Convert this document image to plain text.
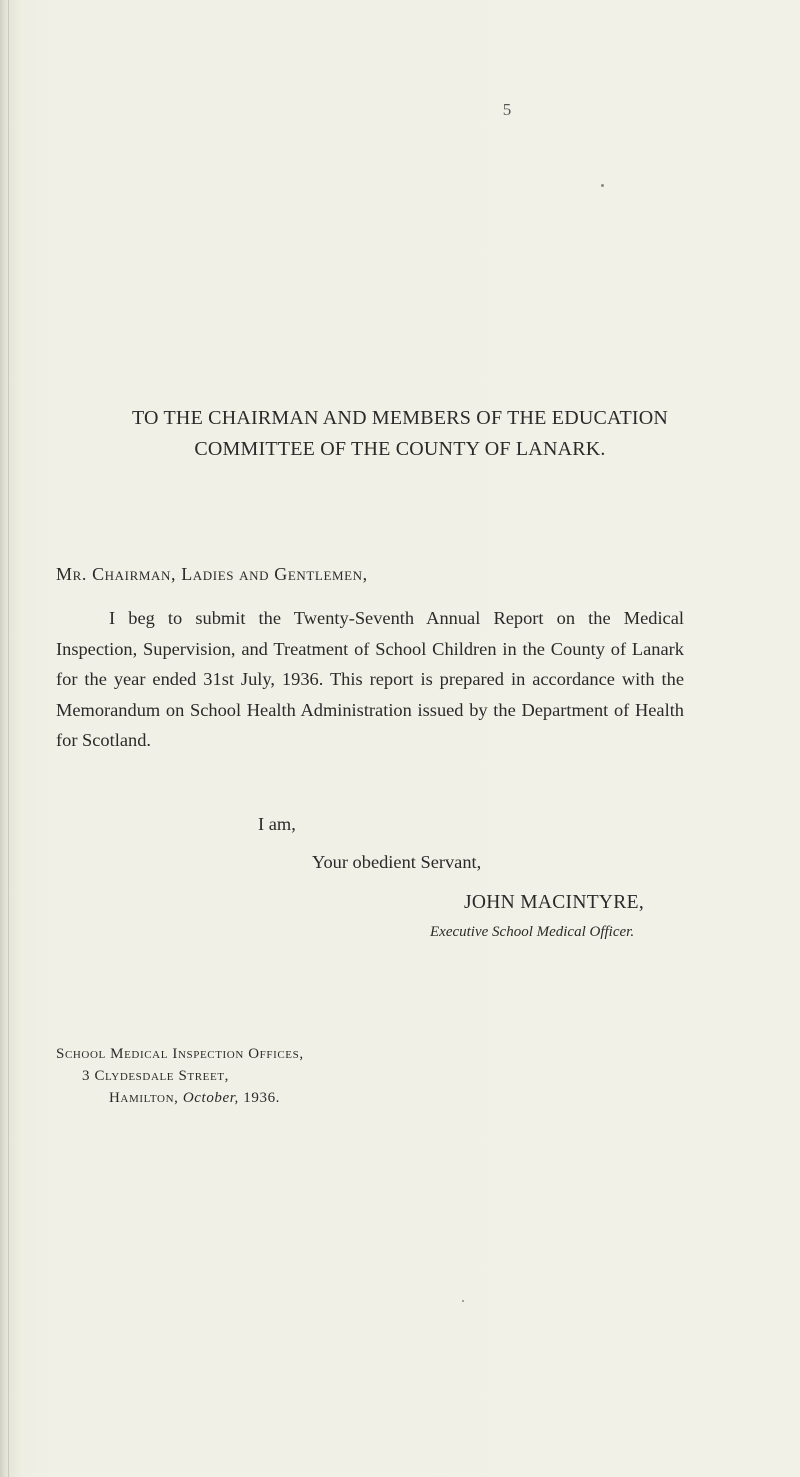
5
TO THE CHAIRMAN AND MEMBERS OF THE EDUCATION
COMMITTEE OF THE COUNTY OF LANARK.
Mr. Chairman, Ladies and Gentlemen,

I beg to submit the Twenty-Seventh Annual Report on the Medical Inspection, Supervision, and Treatment of School Children in the County of Lanark for the year ended 31st July, 1936. This report is prepared in accordance with the Memorandum on School Health Administration issued by the Department of Health for Scotland.

I am,
Your obedient Servant,
JOHN MACINTYRE,
Executive School Medical Officer.
School Medical Inspection Offices,
3 Clydesdale Street,
Hamilton, October, 1936.
